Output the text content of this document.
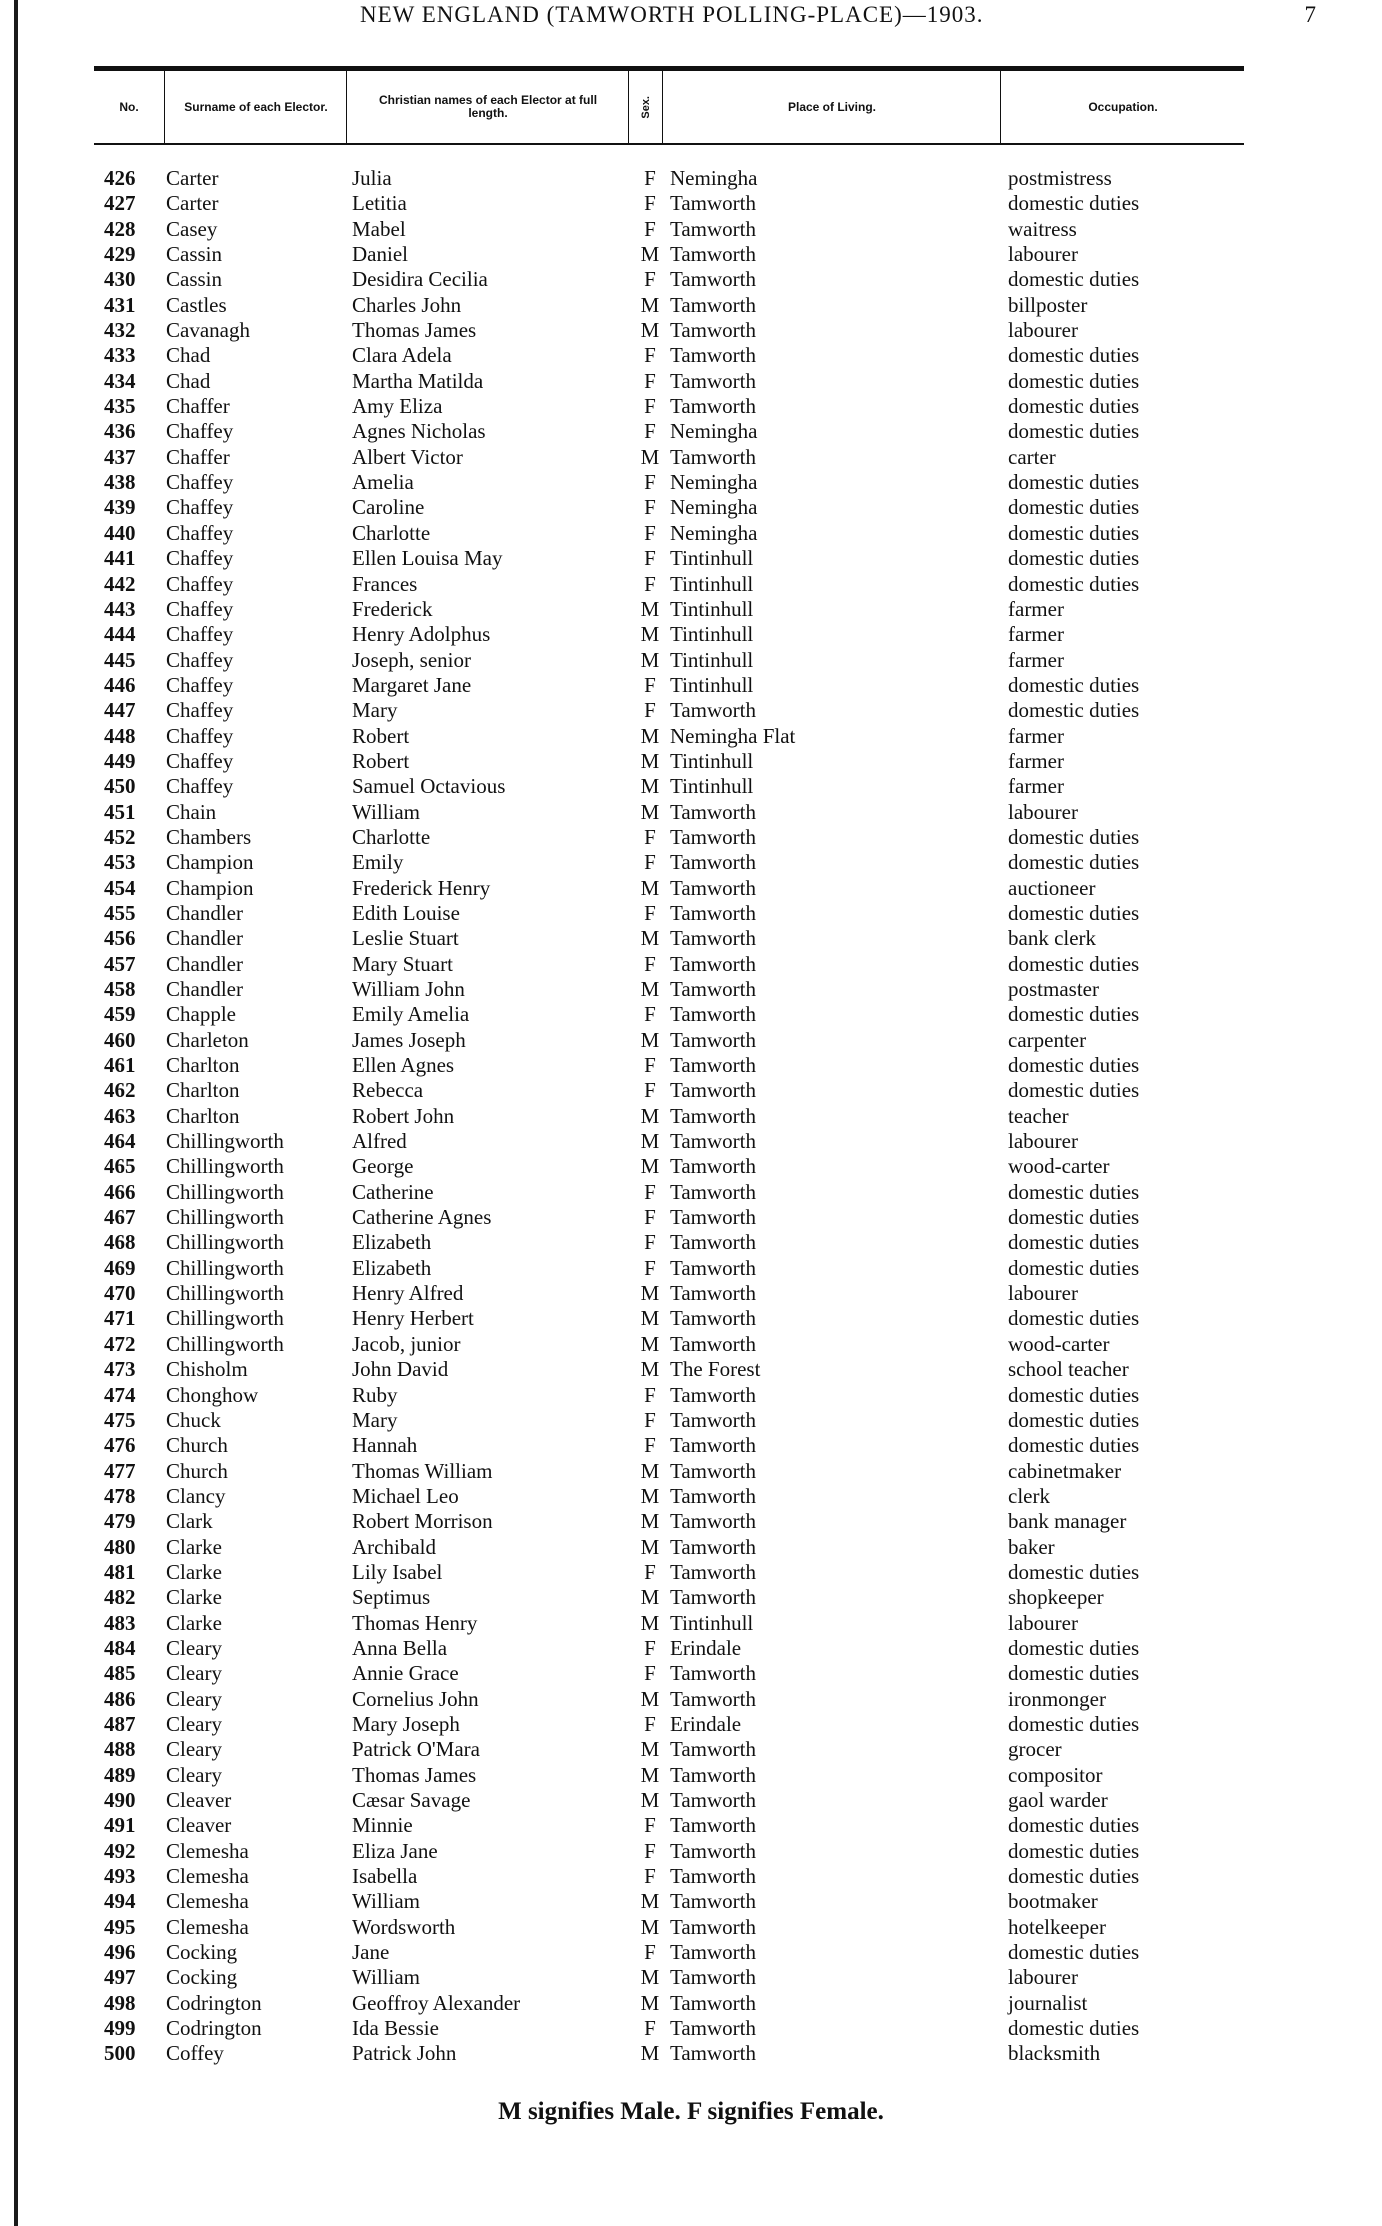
NEW ENGLAND (TAMWORTH POLLING-PLACE)—1903.	7
No.	Surname of each Elector.	Christian names of each Elector at full length.	Sex.	Place of Living.	Occupation.
426	Carter	Julia	F Nemingha	postmistress
427	Carter	Letitia	F Tamworth	domestic duties
428	Casey	Mabel	F Tamworth	waitress
429	Cassin	Daniel	M Tamworth	labourer
430	Cassin	Desidira Cecilia	F Tamworth	domestic duties
431	Castles	Charles John	M Tamworth	billposter
432	Cavanagh	Thomas James	M Tamworth	labourer
433	Chad	Clara Adela	F Tamworth	domestic duties
434	Chad	Martha Matilda	F Tamworth	domestic duties
435	Chaffer	Amy Eliza	F Tamworth	domestic duties
436	Chaffey	Agnes Nicholas	F Nemingha	domestic duties
437	Chaffer	Albert Victor	M Tamworth	carter
438	Chaffey	Amelia	F Nemingha	domestic duties
439	Chaffey	Caroline	F Nemingha	domestic duties
440	Chaffey	Charlotte	F Nemingha	domestic duties
441	Chaffey	Ellen Louisa May	F Tintinhull	domestic duties
442	Chaffey	Frances	F Tintinhull	domestic duties
443	Chaffey	Frederick	M Tintinhull	farmer
444	Chaffey	Henry Adolphus	M Tintinhull	farmer
445	Chaffey	Joseph, senior	M Tintinhull	farmer
446	Chaffey	Margaret Jane	F Tintinhull	domestic duties
447	Chaffey	Mary	F Tamworth	domestic duties
448	Chaffey	Robert	M Nemingha Flat	farmer
449	Chaffey	Robert	M Tintinhull	farmer
450	Chaffey	Samuel Octavious	M Tintinhull	farmer
451	Chain	William	M Tamworth	labourer
452	Chambers	Charlotte	F Tamworth	domestic duties
453	Champion	Emily	F Tamworth	domestic duties
454	Champion	Frederick Henry	M Tamworth	auctioneer
455	Chandler	Edith Louise	F Tamworth	domestic duties
456	Chandler	Leslie Stuart	M Tamworth	bank clerk
457	Chandler	Mary Stuart	F Tamworth	domestic duties
458	Chandler	William John	M Tamworth	postmaster
459	Chapple	Emily Amelia	F Tamworth	domestic duties
460	Charleton	James Joseph	M Tamworth	carpenter
461	Charlton	Ellen Agnes	F Tamworth	domestic duties
462	Charlton	Rebecca	F Tamworth	domestic duties
463	Charlton	Robert John	M Tamworth	teacher
464	Chillingworth	Alfred	M Tamworth	labourer
465	Chillingworth	George	M Tamworth	wood-carter
466	Chillingworth	Catherine	F Tamworth	domestic duties
467	Chillingworth	Catherine Agnes	F Tamworth	domestic duties
468	Chillingworth	Elizabeth	F Tamworth	domestic duties
469	Chillingworth	Elizabeth	F Tamworth	domestic duties
470	Chillingworth	Henry Alfred	M Tamworth	labourer
471	Chillingworth	Henry Herbert	M Tamworth	domestic duties
472	Chillingworth	Jacob, junior	M Tamworth	wood-carter
473	Chisholm	John David	M The Forest	school teacher
474	Chonghow	Ruby	F Tamworth	domestic duties
475	Chuck	Mary	F Tamworth	domestic duties
476	Church	Hannah	F Tamworth	domestic duties
477	Church	Thomas William	M Tamworth	cabinetmaker
478	Clancy	Michael Leo	M Tamworth	clerk
479	Clark	Robert Morrison	M Tamworth	bank manager
480	Clarke	Archibald	M Tamworth	baker
481	Clarke	Lily Isabel	F Tamworth	domestic duties
482	Clarke	Septimus	M Tamworth	shopkeeper
483	Clarke	Thomas Henry	M Tintinhull	labourer
484	Cleary	Anna Bella	F Erindale	domestic duties
485	Cleary	Annie Grace	F Tamworth	domestic duties
486	Cleary	Cornelius John	M Tamworth	ironmonger
487	Cleary	Mary Joseph	F Erindale	domestic duties
488	Cleary	Patrick O'Mara	M Tamworth	grocer
489	Cleary	Thomas James	M Tamworth	compositor
490	Cleaver	Cæsar Savage	M Tamworth	gaol warder
491	Cleaver	Minnie	F Tamworth	domestic duties
492	Clemesha	Eliza Jane	F Tamworth	domestic duties
493	Clemesha	Isabella	F Tamworth	domestic duties
494	Clemesha	William	M Tamworth	bootmaker
495	Clemesha	Wordsworth	M Tamworth	hotelkeeper
496	Cocking	Jane	F Tamworth	domestic duties
497	Cocking	William	M Tamworth	labourer
498	Codrington	Geoffroy Alexander	M Tamworth	journalist
499	Codrington	Ida Bessie	F Tamworth	domestic duties
500	Coffey	Patrick John	M Tamworth	blacksmith
M signifies Male. F signifies Female.
